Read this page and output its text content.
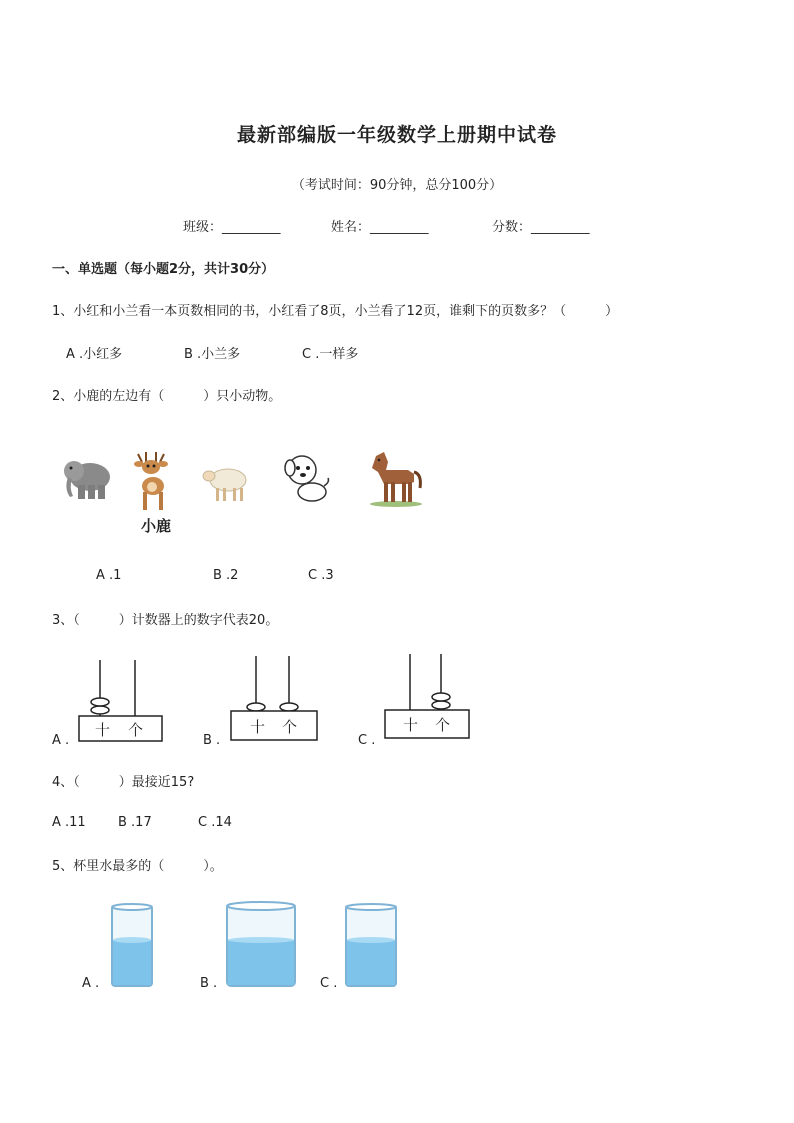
最新部编版一年级数学上册期中试卷
（考试时间：90分钟，总分100分）
班级：_________	姓名：_________	分数：_________
一、单选题（每小题2分，共计30分）
1、小红和小兰看一本页数相同的书，小红看了8页，小兰看了12页，谁剩下的页数多？（　　　）
A .小红多	B .小兰多	C .一样多
2、小鹿的左边有（　　　）只小动物。
小鹿
A .1	B .2	C .3
3、（　　　）计数器上的数字代表20。
A .
十 个
B .
十 个
C .
十 个
4、（　　　）最接近15?
A .11 B .17	C .14
5、杯里水最多的（　　　）。
A .	B .	C .
